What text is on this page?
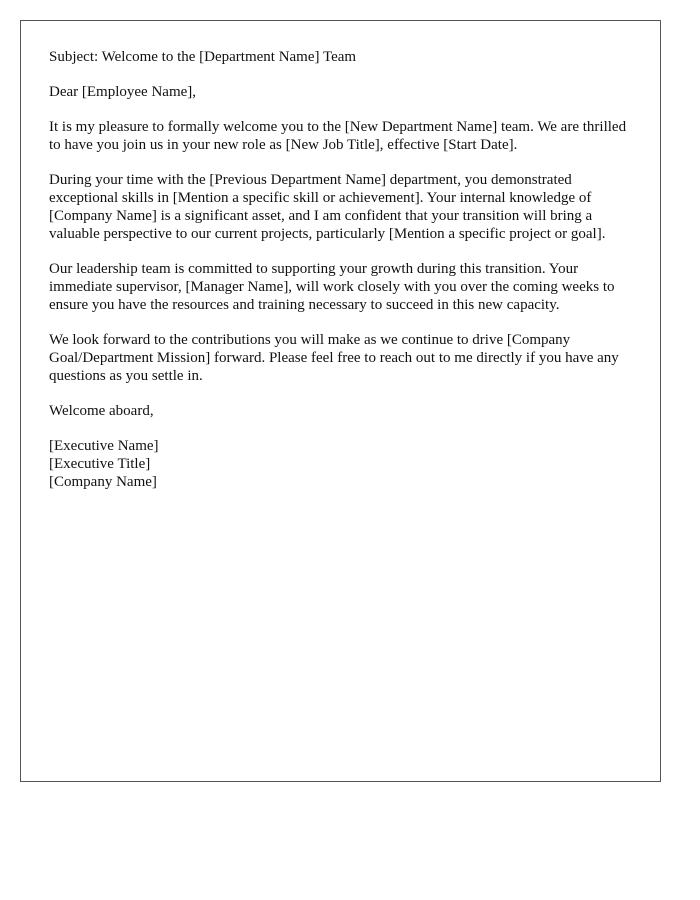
Subject: Welcome to the [Department Name] Team

Dear [Employee Name],

It is my pleasure to formally welcome you to the [New Department Name] team. We are thrilled to have you join us in your new role as [New Job Title], effective [Start Date].

During your time with the [Previous Department Name] department, you demonstrated exceptional skills in [Mention a specific skill or achievement]. Your internal knowledge of [Company Name] is a significant asset, and I am confident that your transition will bring a valuable perspective to our current projects, particularly [Mention a specific project or goal].

Our leadership team is committed to supporting your growth during this transition. Your immediate supervisor, [Manager Name], will work closely with you over the coming weeks to ensure you have the resources and training necessary to succeed in this new capacity.

We look forward to the contributions you will make as we continue to drive [Company Goal/Department Mission] forward. Please feel free to reach out to me directly if you have any questions as you settle in.

Welcome aboard,

[Executive Name]

[Executive Title]

[Company Name]
